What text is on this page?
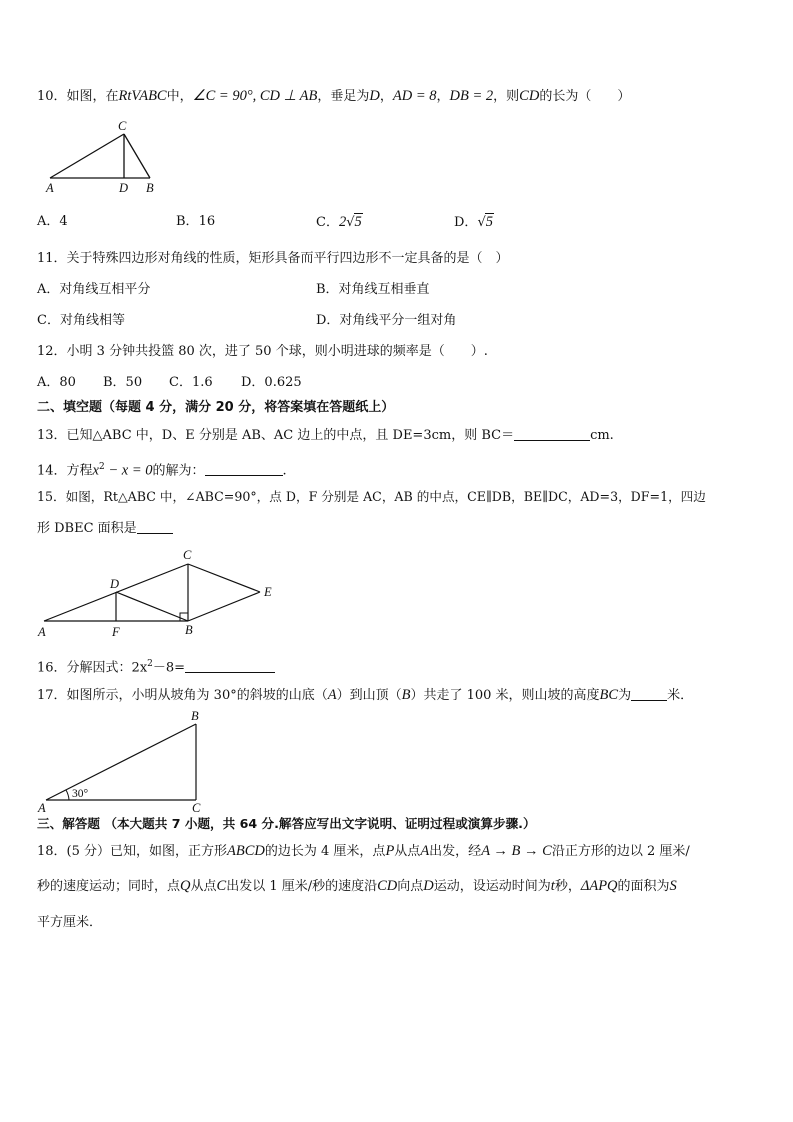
10．如图，在RtVABC中，∠C = 90°, CD ⊥ AB，垂足为D，AD = 8，DB = 2，则CD的长为（　　）
C
A	D B
A．4	B．16	C．2√5	D．√5
11．关于特殊四边形对角线的性质，矩形具备而平行四边形不一定具备的是（　）
A．对角线互相平分	B．对角线互相垂直
C．对角线相等	D．对角线平分一组对角
12．小明 3 分钟共投篮 80 次，进了 50 个球，则小明进球的频率是（　　）.
A．80 B．50 C．1.6 D．0.625
二、填空题（每题 4 分，满分 20 分，将答案填在答题纸上）
13．已知△ABC 中，D、E 分别是 AB、AC 边上的中点，且 DE=3cm，则 BC＝	cm.
14．方程$x^2 - x = 0$的解为：	.
15．如图，Rt△ABC 中，∠ABC=90°，点 D，F 分别是 AC，AB 的中点，CE∥DB，BE∥DC，AD=3，DF=1，四边
形 DBEC 面积是
C
D
E
A	F	B
16．分解因式：$2x^2-8=$
17．如图所示，小明从坡角为 30°的斜坡的山底（A）到山顶（B）共走了 100 米，则山坡的高度BC为	米．
B
A	C
30°
三、解答题 （本大题共 7 小题，共 64 分.解答应写出文字说明、证明过程或演算步骤.）
18．(5 分）已知，如图，正方形ABCD的边长为 4 厘米，点P从点A出发，经A → B → C沿正方形的边以 2 厘米/
秒的速度运动；同时，点Q从点C出发以 1 厘米/秒的速度沿CD向点D运动，设运动时间为t秒，ΔAPQ的面积为S
平方厘米．
